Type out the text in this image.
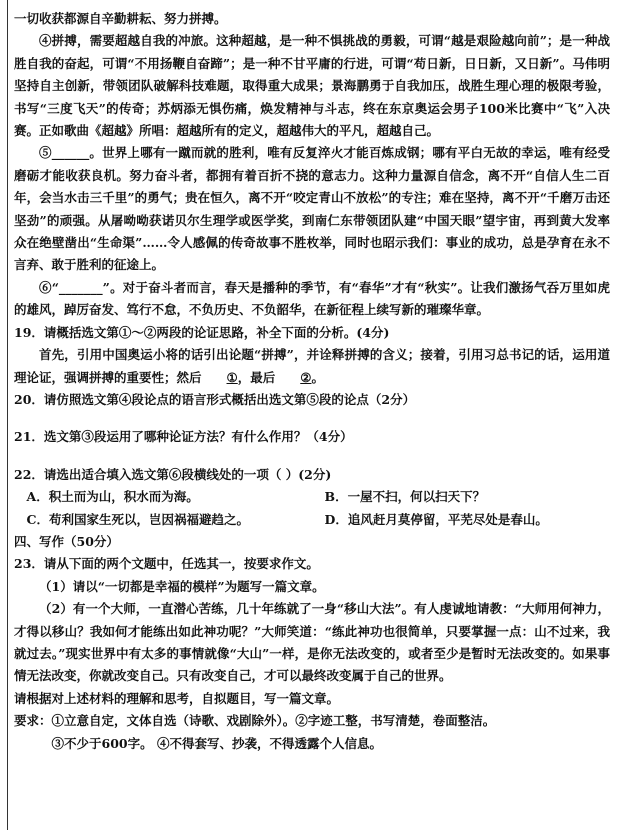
一切收获都源自辛勤耕耘、努力拼搏。

④拼搏，需要超越自我的冲旅。这种超越，是一种不惧挑战的勇毅，可谓“越是艰险越向前”；是一种战胜自我的奋起，可谓“不用扬鞭自奋蹄”；是一种不甘平庸的行进，可谓“苟日新，日日新，又日新”。马伟明坚持自主创新，带领团队破解科技难题，取得重大成果；景海鹏勇于自我加压，战胜生理心理的极限考验，书写“三度飞天”的传奇；苏炳添无惧伤痛，焕发精神与斗志，终在东京奥运会男子100米比赛中“飞”入决赛。正如歌曲《超越》所唱：超越所有的定义，超越伟大的平凡，超越自己。

⑤______。世界上哪有一蹴而就的胜利，唯有反复淬火才能百炼成钢；哪有平白无故的幸运，唯有经受磨砺才能收获良机。努力奋斗者，都拥有着百折不挠的意志力。这种力量源自信念，离不开“自信人生二百年，会当水击三千里”的勇气；贵在恒久，离不开“咬定青山不放松”的专注；难在坚持，离不开“千磨万击还坚劲”的顽强。从屠呦呦获诺贝尔生理学或医学奖，到南仁东带领团队建“中国天眼”望宇宙，再到黄大发率众在绝壁凿出“生命渠”……令人感佩的传奇故事不胜枚举，同时也昭示我们：事业的成功，总是孕育在永不言弃、敢于胜利的征途上。

⑥“_______”。对于奋斗者而言，春天是播种的季节，有“春华”才有“秋实”。让我们激扬气吞万里如虎的雄风，踔厉奋发、笃行不怠，不负历史、不负韶华，在新征程上续写新的璀璨华章。

19．请概括选文第①～②两段的论证思路，补全下面的分析。(4分)

首先，引用中国奥运小将的话引出论题“拼搏”，并诠释拼搏的含义；接着，引用习总书记的话，运用道理论证，强调拼搏的重要性；然后①，最后②。

20．请仿照选文第④段论点的语言形式概括出选文第⑤段的论点（2分）

21．选文第③段运用了哪种论证方法？有什么作用？（4分）

22．请选出适合填入选文第⑥段横线处的一项（ ）(2分)

A．积土而为山，积水而为海。	B．一屋不扫，何以扫天下？
C．苟利国家生死以，岂因祸福避趋之。	D．追风赶月莫停留，平芜尽处是春山。

四、写作（50分）

23．请从下面的两个文题中，任选其一，按要求作文。

（1）请以“一切都是幸福的模样”为题写一篇文章。

（2）有一个大师，一直潜心苦练，几十年练就了一身“移山大法”。有人虔诚地请教：“大师用何神力，才得以移山？我如何才能练出如此神功呢？”大师笑道：“练此神功也很简单，只要掌握一点：山不过来，我就过去。”现实世界中有太多的事情就像“大山”一样，是你无法改变的，或者至少是暂时无法改变的。如果事情无法改变，你就改变自己。只有改变自己，才可以最终改变属于自己的世界。

请根据对上述材料的理解和思考，自拟题目，写一篇文章。

要求：①立意自定，文体自选（诗歌、戏剧除外）。②字迹工整，书写清楚，卷面整洁。

③不少于600字。 ④不得套写、抄袭，不得透露个人信息。
